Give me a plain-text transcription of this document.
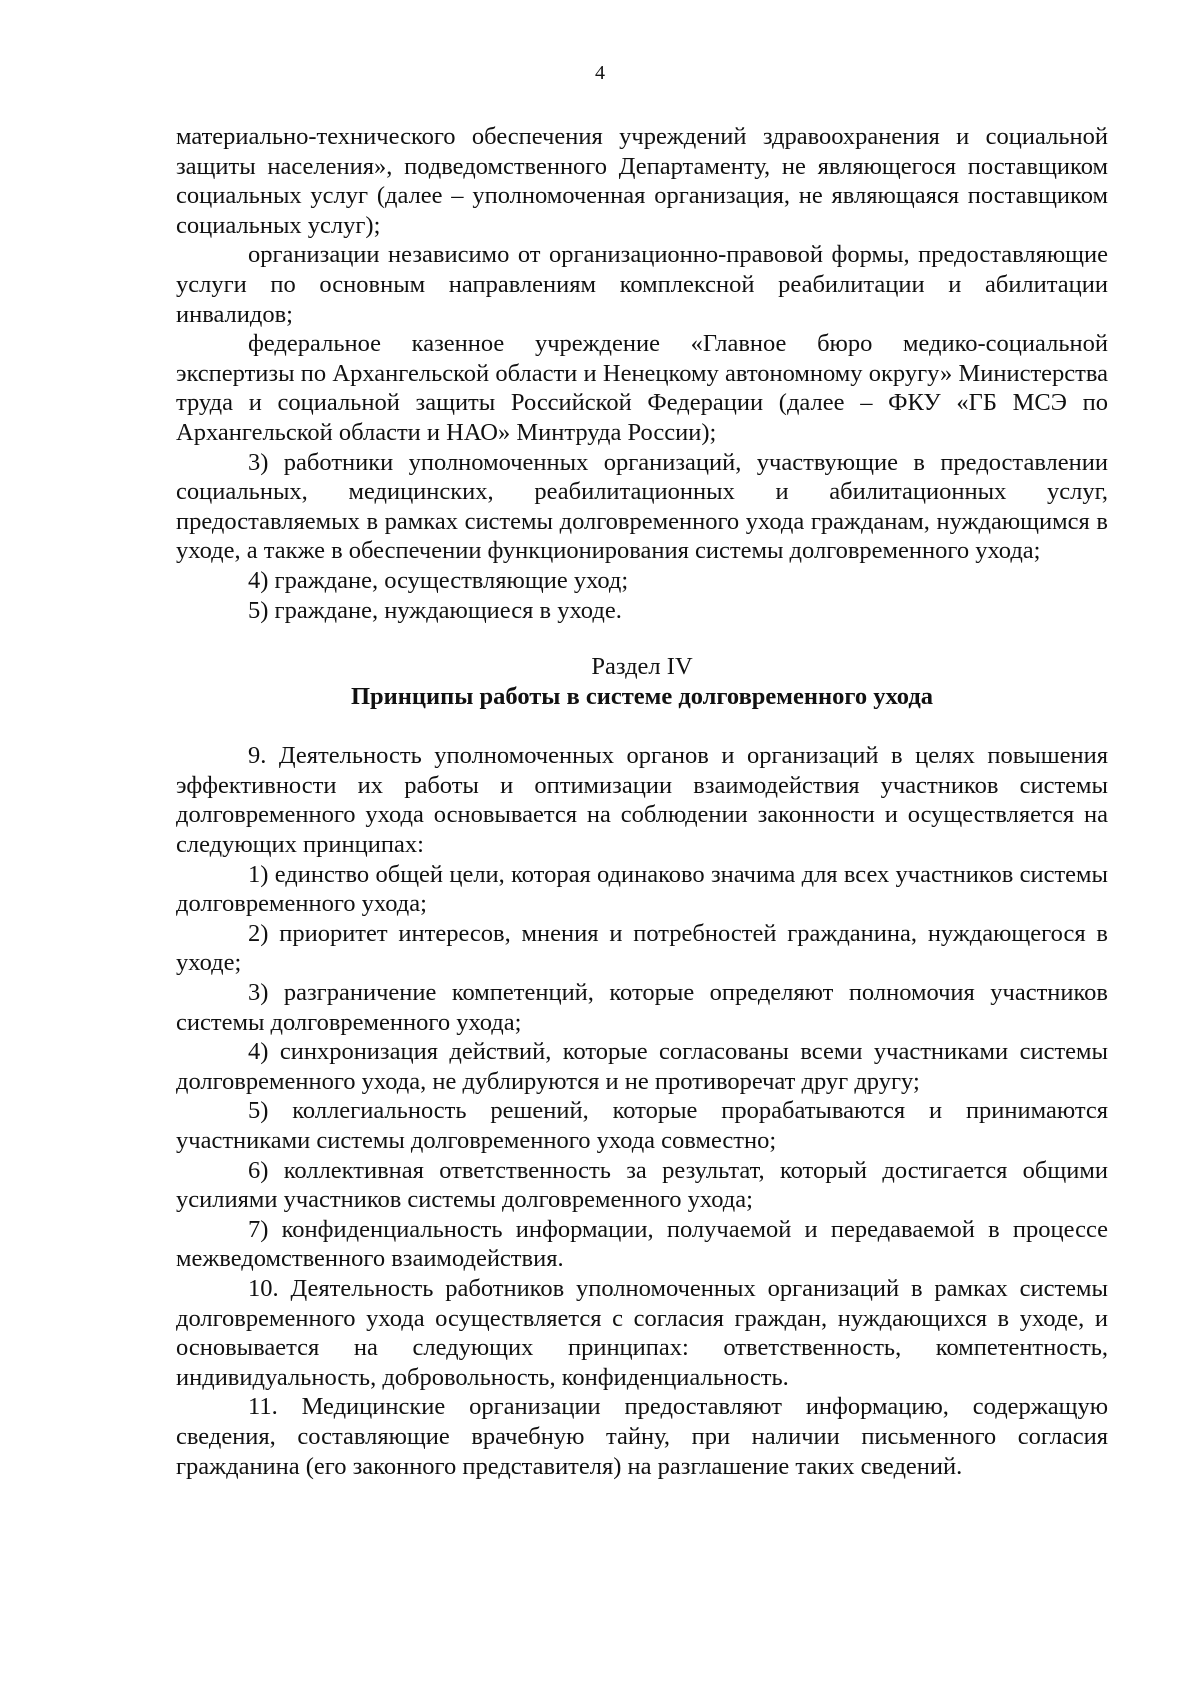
4

материально-технического обеспечения учреждений здравоохранения и социальной защиты населения», подведомственного Департаменту, не являющегося поставщиком социальных услуг (далее – уполномоченная организация, не являющаяся поставщиком социальных услуг);

организации независимо от организационно-правовой формы, предоставляющие услуги по основным направлениям комплексной реабилитации и абилитации инвалидов;

федеральное казенное учреждение «Главное бюро медико-социальной экспертизы по Архангельской области и Ненецкому автономному округу» Министерства труда и социальной защиты Российской Федерации (далее – ФКУ «ГБ МСЭ по Архангельской области и НАО» Минтруда России);

3) работники уполномоченных организаций, участвующие в предоставлении социальных, медицинских, реабилитационных и абилитационных услуг, предоставляемых в рамках системы долговременного ухода гражданам, нуждающимся в уходе, а также в обеспечении функционирования системы долговременного ухода;

4) граждане, осуществляющие уход;

5) граждане, нуждающиеся в уходе.

Раздел IV

Принципы работы в системе долговременного ухода

9. Деятельность уполномоченных органов и организаций в целях повышения эффективности их работы и оптимизации взаимодействия участников системы долговременного ухода основывается на соблюдении законности и осуществляется на следующих принципах:

1) единство общей цели, которая одинаково значима для всех участников системы долговременного ухода;

2) приоритет интересов, мнения и потребностей гражданина, нуждающегося в уходе;

3) разграничение компетенций, которые определяют полномочия участников системы долговременного ухода;

4) синхронизация действий, которые согласованы всеми участниками системы долговременного ухода, не дублируются и не противоречат друг другу;

5) коллегиальность решений, которые прорабатываются и принимаются участниками системы долговременного ухода совместно;

6) коллективная ответственность за результат, который достигается общими усилиями участников системы долговременного ухода;

7) конфиденциальность информации, получаемой и передаваемой в процессе межведомственного взаимодействия.

10. Деятельность работников уполномоченных организаций в рамках системы долговременного ухода осуществляется с согласия граждан, нуждающихся в уходе, и основывается на следующих принципах: ответственность, компетентность, индивидуальность, добровольность, конфиденциальность.

11. Медицинские организации предоставляют информацию, содержащую сведения, составляющие врачебную тайну, при наличии письменного согласия гражданина (его законного представителя) на разглашение таких сведений.
